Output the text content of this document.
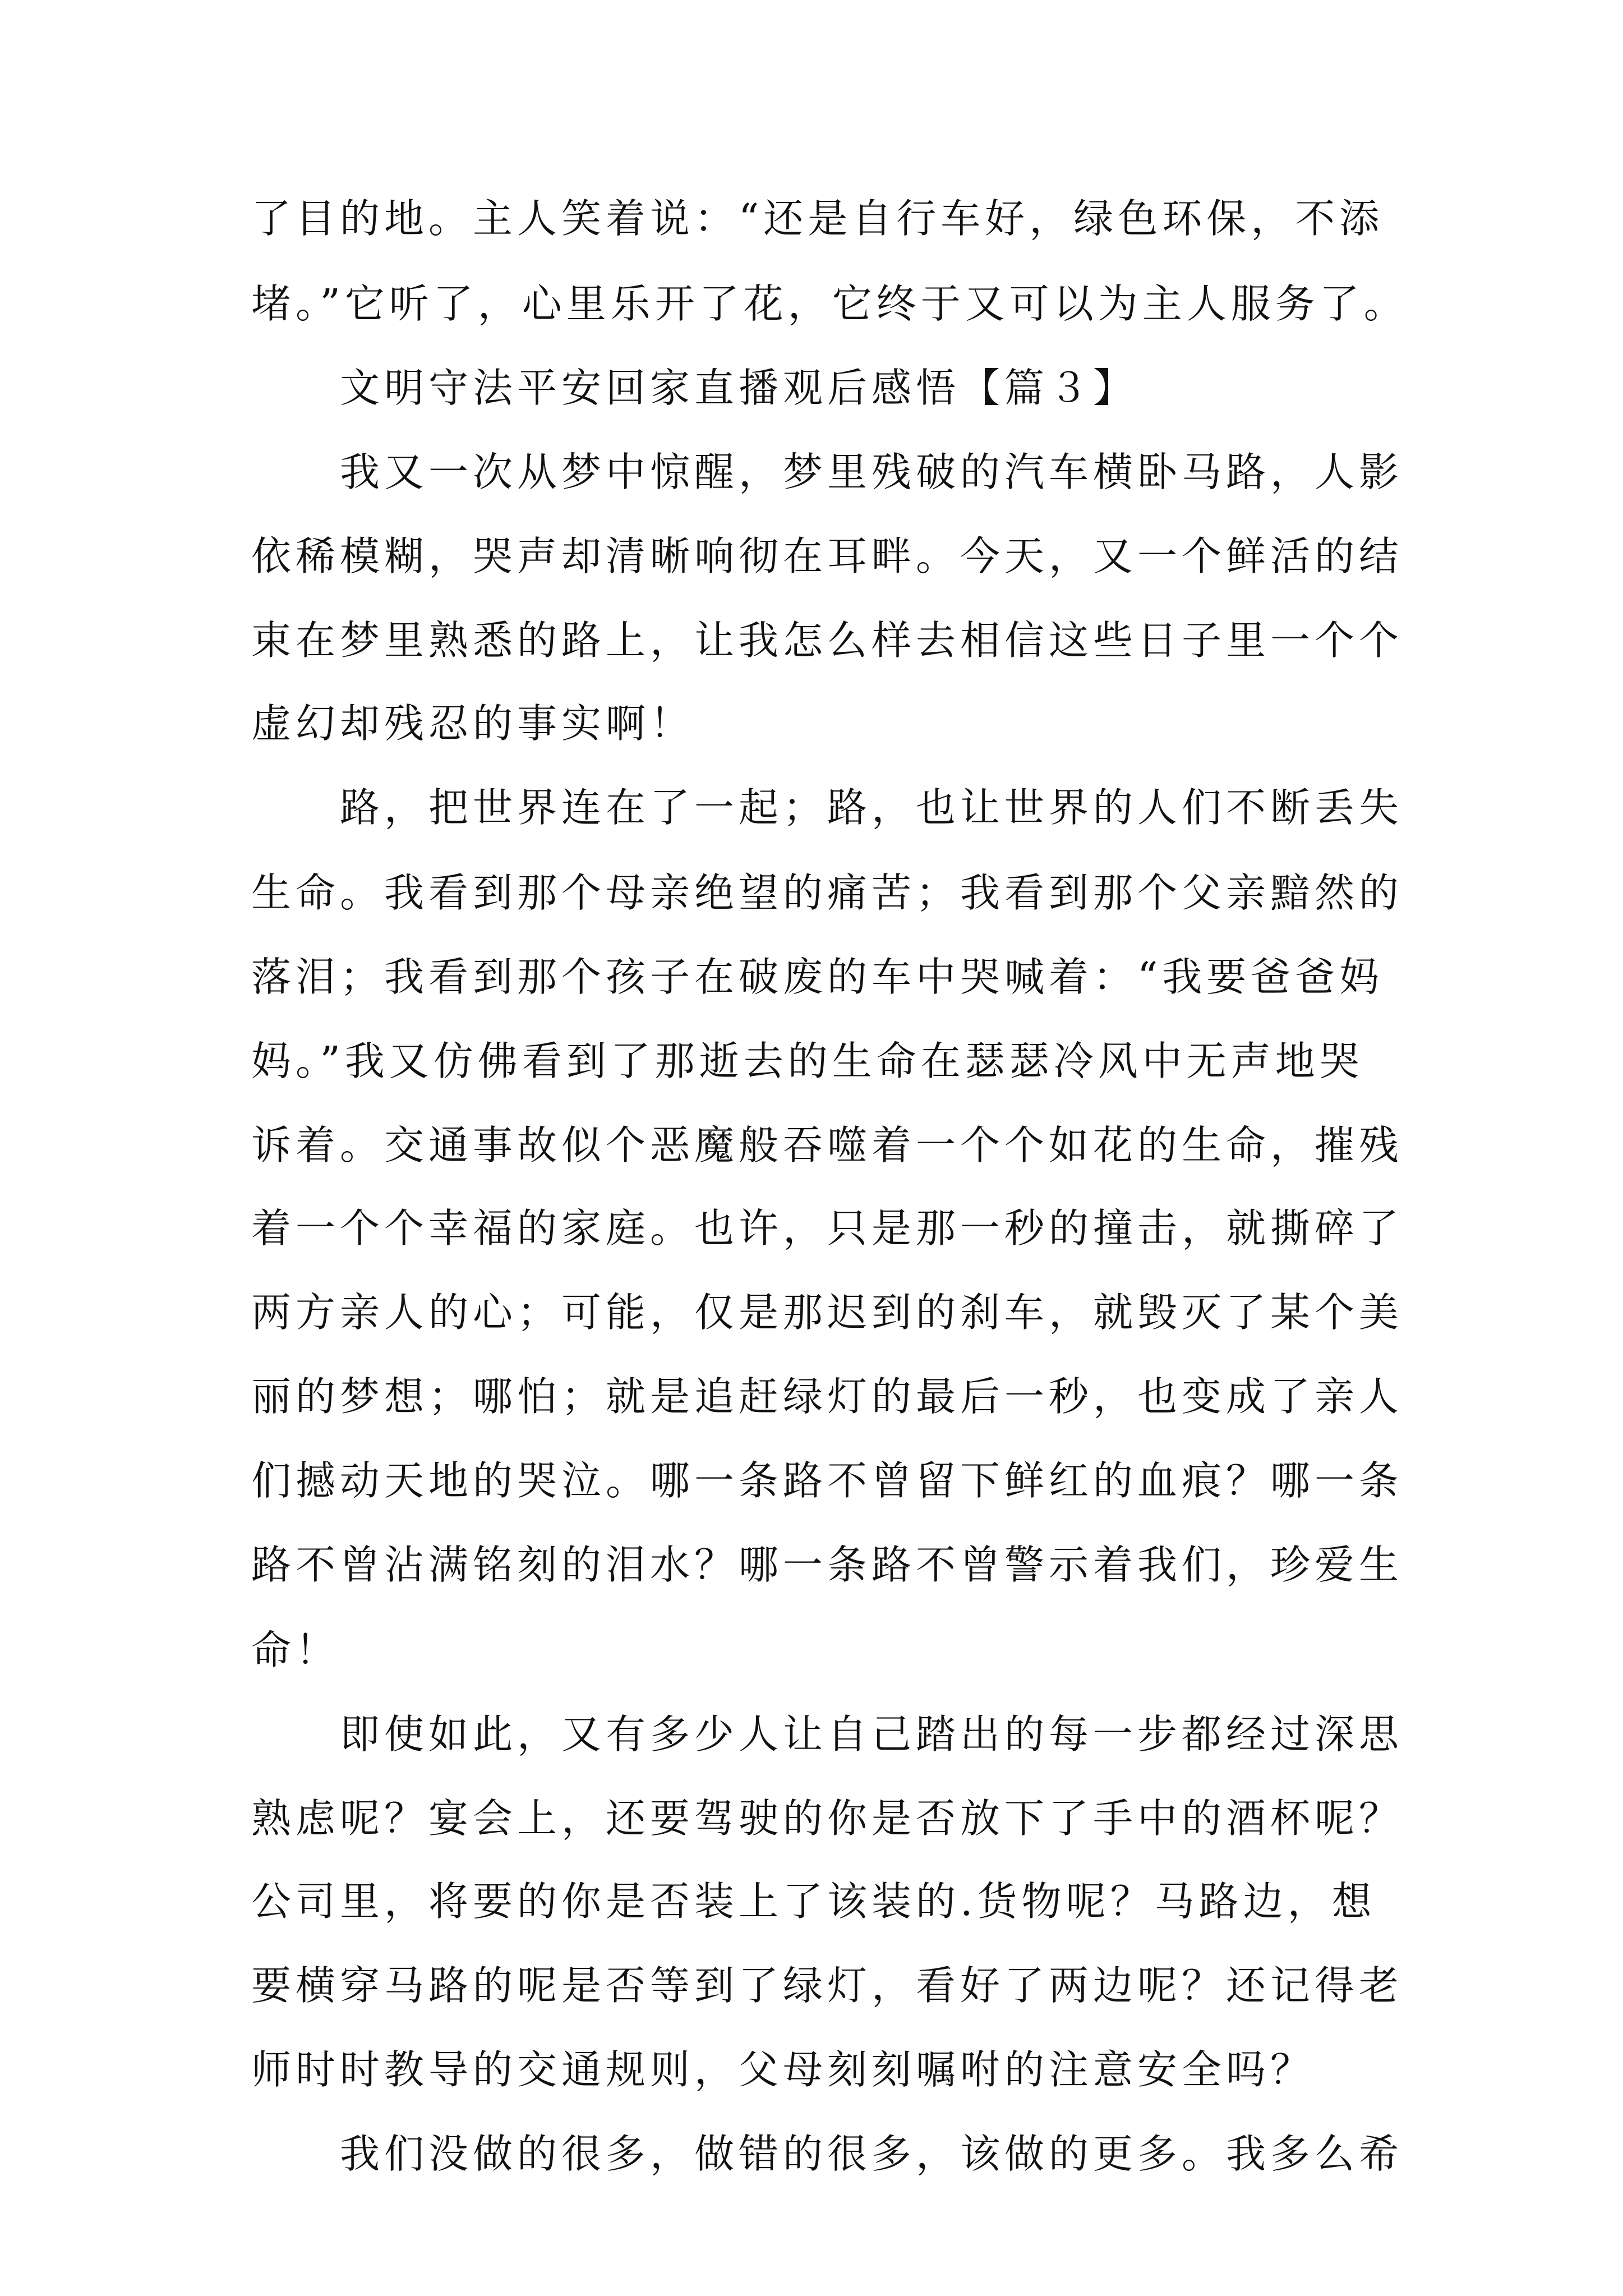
了目的地。主人笑着说：“还是自行车好，绿色环保，不添
堵。”它听了，心里乐开了花，它终于又可以为主人服务了。
文明守法平安回家直播观后感悟【篇３】
我又一次从梦中惊醒，梦里残破的汽车横卧马路，人影
依稀模糊，哭声却清晰响彻在耳畔。今天，又一个鲜活的结
束在梦里熟悉的路上，让我怎么样去相信这些日子里一个个
虚幻却残忍的事实啊！
路，把世界连在了一起；路，也让世界的人们不断丢失
生命。我看到那个母亲绝望的痛苦；我看到那个父亲黯然的
落泪；我看到那个孩子在破废的车中哭喊着：“我要爸爸妈
妈。”我又仿佛看到了那逝去的生命在瑟瑟冷风中无声地哭
诉着。交通事故似个恶魔般吞噬着一个个如花的生命，摧残
着一个个幸福的家庭。也许，只是那一秒的撞击，就撕碎了
两方亲人的心；可能，仅是那迟到的刹车，就毁灭了某个美
丽的梦想；哪怕；就是追赶绿灯的最后一秒，也变成了亲人
们撼动天地的哭泣。哪一条路不曾留下鲜红的血痕？哪一条
路不曾沾满铭刻的泪水？哪一条路不曾警示着我们，珍爱生
命！
即使如此，又有多少人让自己踏出的每一步都经过深思
熟虑呢？宴会上，还要驾驶的你是否放下了手中的酒杯呢？
公司里，将要的你是否装上了该装的.货物呢？马路边，想
要横穿马路的呢是否等到了绿灯，看好了两边呢？还记得老
师时时教导的交通规则，父母刻刻嘱咐的注意安全吗？
我们没做的很多，做错的很多，该做的更多。我多么希
